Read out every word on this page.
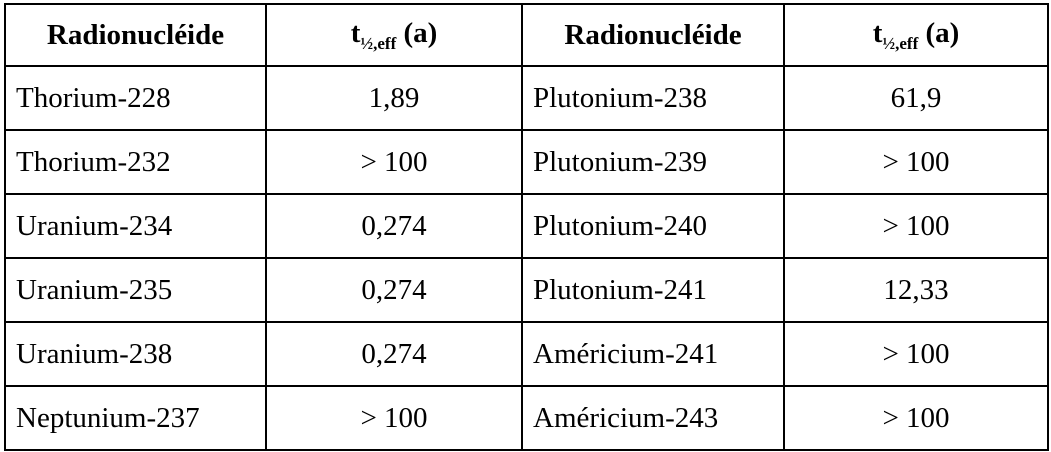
Radionucléide	$t_{\frac{1}{2},eff}$ (a)	Radionucléide	$t_{\frac{1}{2},eff}$ (a)
Thorium-228	1,89	Plutonium-238	61,9
Thorium-232	> 100	Plutonium-239	> 100
Uranium-234	0,274	Plutonium-240	> 100
Uranium-235	0,274	Plutonium-241	12,33
Uranium-238	0,274	Américium-241	> 100
Neptunium-237	> 100	Américium-243	> 100
